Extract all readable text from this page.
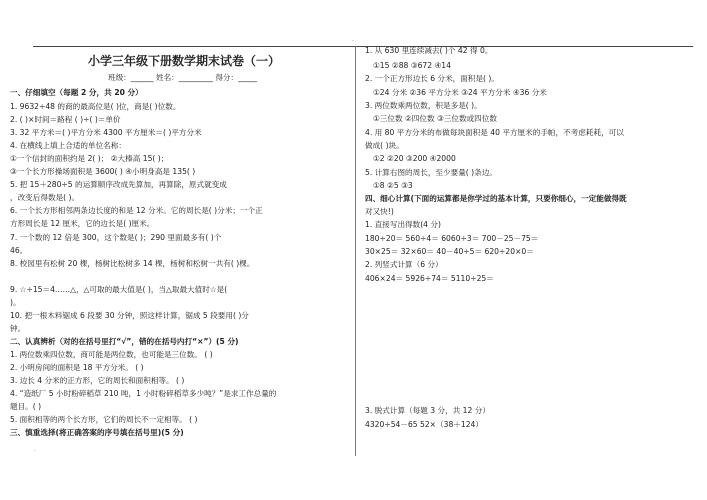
·
·
小学三年级下册数学期末试卷（一）
班级：______ 姓名：_________ 得分：_____
一、仔细填空（每题 2 分，共 20 分）
1. 9632÷48 的商的最高位是( )位，商是( )位数。
2. ( )×时间＝路程 ( )÷( )＝单价
3. 32 平方米＝( )平方分米 4300 平方厘米＝( )平方分米
4. 在横线上填上合适的单位名称：
①一个信封的面积约是 2( )； ②大榛高 15( )；
③一个长方形操场面积是 3600( ) ④小明身高是 135( )
5. 把 15＋280÷5 的运算顺序改成先算加，再算除，原式就变成
，改变后得数是( )。
6. 一个长方形相邻两条边长度的和是 12 分米。它的周长是( )分米；一个正
方形周长是 12 厘米，它的边长是( )厘米。
7. 一个数的 12 倍是 300，这个数是( )；290 里面最多有( )个
46。
8. 校园里有松树 20 棵，杨树比松树多 14 棵，杨树和松树一共有( )棵。
9. ☆÷15＝4……△，△可取的最大值是( )，当△取最大值时☆是(
)。
10. 把一根木料锯成 6 段要 30 分钟，照这样计算，锯成 5 段要用( )分
钟。
二、认真辨析（对的在括号里打“√”，错的在括号内打“×”）(5 分)
1. 两位数乘四位数，商可能是两位数，也可能是三位数。 ( )
2. 小明房间的面积是 18 平方分米。 ( )
3. 边长 4 分米的正方形，它的周长和面积相等。 ( )
4. “造纸厂 5 小时粉碎稻草 210 吨，1 小时粉碎稻草多少吨？”是求工作总量的
题目。( )
5. 面积相等的两个长方形，它们的周长不一定相等。 ( )
三、慎重选择(将正确答案的序号填在括号里)(5 分)
1. 从 630 里连续减去( )个 42 得 0。
①15 ②88 ③672 ④14
2. 一个正方形边长 6 分米，面积是( )。
①24 分米 ②36 平方分米 ③24 平方分米 ④36 分米
3. 两位数乘两位数，积是多是( )。
①三位数 ②四位数 ③三位数或四位数
4. 用 80 平方分米的布做每块面积是 40 平方厘米的手帕，不考虑耗耗，可以
做成( )块。
①2 ②20 ③200 ④2000
5. 计算右图的周长，至少要量( )条边。
①8 ②5 ③3
四、细心计算(下面的运算都是你学过的基本计算，只要你细心，一定能做得既
对又快!)
1. 直接写出得数(4 分)
180÷20＝ 560÷4＝ 6060÷3＝ 700－25－75＝
30×25＝ 32×60＝ 40－40÷5＝ 620÷20×0＝
2. 列竖式计算（6 分）
406×24＝ 5926÷74＝ 5110÷25＝
3. 脱式计算（每题 3 分，共 12 分）
4320÷54－65 52×（38＋124）
